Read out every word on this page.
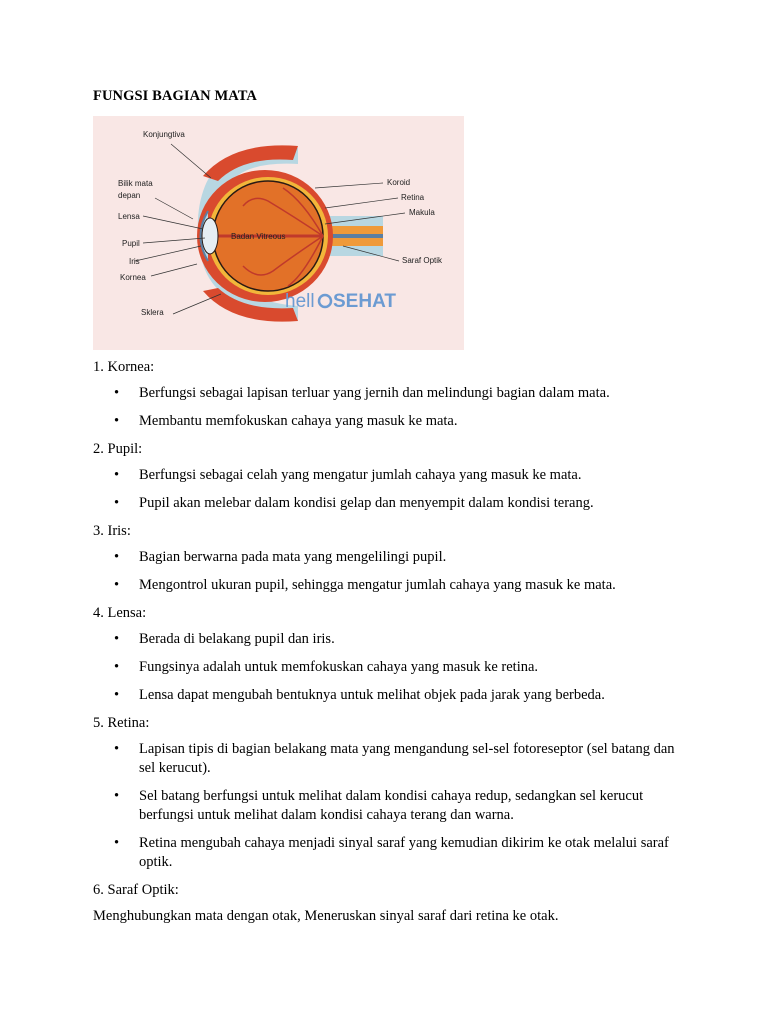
FUNGSI BAGIAN MATA
Konjungtiva
Bilik mata
depan
Lensa
Pupil
Iris
Kornea
Sklera
Badan Vitreous
Koroid
Retina
Makula
Saraf Optik
hell SEHAT
1. Kornea:
• Berfungsi sebagai lapisan terluar yang jernih dan melindungi bagian dalam mata.
• Membantu memfokuskan cahaya yang masuk ke mata.
2. Pupil:
• Berfungsi sebagai celah yang mengatur jumlah cahaya yang masuk ke mata.
• Pupil akan melebar dalam kondisi gelap dan menyempit dalam kondisi terang.
3. Iris:
• Bagian berwarna pada mata yang mengelilingi pupil.
• Mengontrol ukuran pupil, sehingga mengatur jumlah cahaya yang masuk ke mata.
4. Lensa:
• Berada di belakang pupil dan iris.
• Fungsinya adalah untuk memfokuskan cahaya yang masuk ke retina.
• Lensa dapat mengubah bentuknya untuk melihat objek pada jarak yang berbeda.
5. Retina:
• Lapisan tipis di bagian belakang mata yang mengandung sel-sel fotoreseptor (sel batang dan sel kerucut).
• Sel batang berfungsi untuk melihat dalam kondisi cahaya redup, sedangkan sel kerucut berfungsi untuk melihat dalam kondisi cahaya terang dan warna.
• Retina mengubah cahaya menjadi sinyal saraf yang kemudian dikirim ke otak melalui saraf optik.
6. Saraf Optik:
Menghubungkan mata dengan otak, Meneruskan sinyal saraf dari retina ke otak.
